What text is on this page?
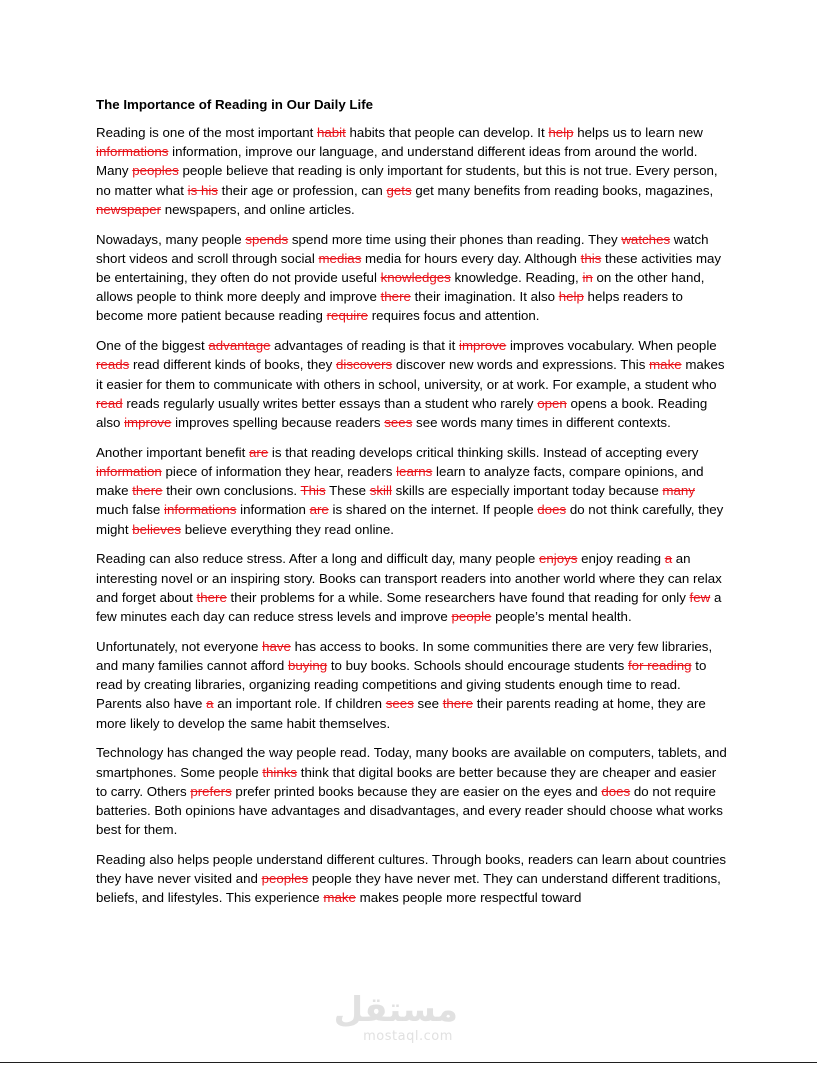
The Importance of Reading in Our Daily Life

Reading is one of the most important habit habits that people can develop. It help helps us to learn new informations information, improve our language, and understand different ideas from around the world. Many peoples people believe that reading is only important for students, but this is not true. Every person, no matter what is his their age or profession, can gets get many benefits from reading books, magazines, newspaper newspapers, and online articles.

Nowadays, many people spends spend more time using their phones than reading. They watches watch short videos and scroll through social medias media for hours every day. Although this these activities may be entertaining, they often do not provide useful knowledges knowledge. Reading, in on the other hand, allows people to think more deeply and improve there their imagination. It also help helps readers to become more patient because reading require requires focus and attention.

One of the biggest advantage advantages of reading is that it improve improves vocabulary. When people reads read different kinds of books, they discovers discover new words and expressions. This make makes it easier for them to communicate with others in school, university, or at work. For example, a student who read reads regularly usually writes better essays than a student who rarely open opens a book. Reading also improve improves spelling because readers sees see words many times in different contexts.

Another important benefit are is that reading develops critical thinking skills. Instead of accepting every information piece of information they hear, readers learns learn to analyze facts, compare opinions, and make there their own conclusions. This These skill skills are especially important today because many much false informations information are is shared on the internet. If people does do not think carefully, they might believes believe everything they read online.

Reading can also reduce stress. After a long and difficult day, many people enjoys enjoy reading a an interesting novel or an inspiring story. Books can transport readers into another world where they can relax and forget about there their problems for a while. Some researchers have found that reading for only few a few minutes each day can reduce stress levels and improve people people’s mental health.

Unfortunately, not everyone have has access to books. In some communities there are very few libraries, and many families cannot afford buying to buy books. Schools should encourage students for reading to read by creating libraries, organizing reading competitions and giving students enough time to read. Parents also have a an important role. If children sees see there their parents reading at home, they are more likely to develop the same habit themselves.

Technology has changed the way people read. Today, many books are available on computers, tablets, and smartphones. Some people thinks think that digital books are better because they are cheaper and easier to carry. Others prefers prefer printed books because they are easier on the eyes and does do not require batteries. Both opinions have advantages and disadvantages, and every reader should choose what works best for them.

Reading also helps people understand different cultures. Through books, readers can learn about countries they have never visited and peoples people they have never met. They can understand different traditions, beliefs, and lifestyles. This experience make makes people more respectful toward

مستقل
mostaql.com
